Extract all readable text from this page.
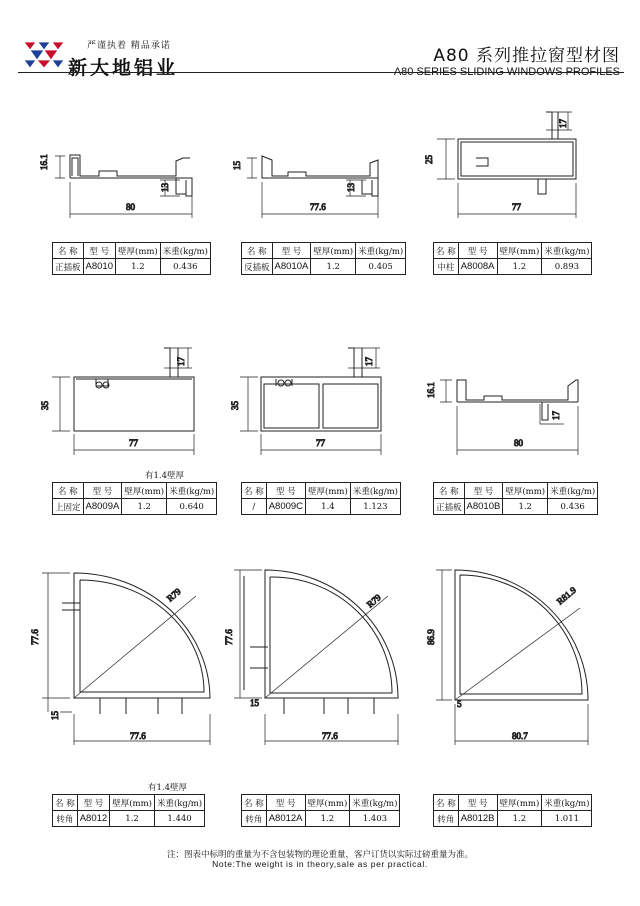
严谨执着 精品承诺
新大地铝业
A80 系列推拉窗型材图
A80 SERIES SLIDING WINDOWS PROFILES
16.1
13
80
15
13
77.6
25
17
77
35
17
77
35
17
77
16.1
17
80
77.6
15
77.6
R79
77.6
15
77.6
R79
86.9
5
80.7
R81.9
有1.4壁厚
有1.4壁厚
名 称	型 号	壁厚(mm)	米重(kg/m)
正插板	A8010	1.2	0.436
名 称	型 号	壁厚(mm)	米重(kg/m)
反插板	A8010A	1.2	0.405
名 称	型 号	壁厚(mm)	米重(kg/m)
中柱	A8008A	1.2	0.893
名 称	型 号	壁厚(mm)	米重(kg/m)
上固定	A8009A	1.2	0.640
名 称	型 号	壁厚(mm)	米重(kg/m)
/	A8009C	1.4	1.123
名 称	型 号	壁厚(mm)	米重(kg/m)
正插板	A8010B	1.2	0.436
名 称	型 号	壁厚(mm)	米重(kg/m)
转角	A8012	1.2	1.440
名 称	型 号	壁厚(mm)	米重(kg/m)
转角	A8012A	1.2	1.403
名 称	型 号	壁厚(mm)	米重(kg/m)
转角	A8012B	1.2	1.011
注：图表中标明的重量为不含包装物的理论重量，客户订货以实际过磅重量为准。
Note:The weight is in theory,sale as per practical.
